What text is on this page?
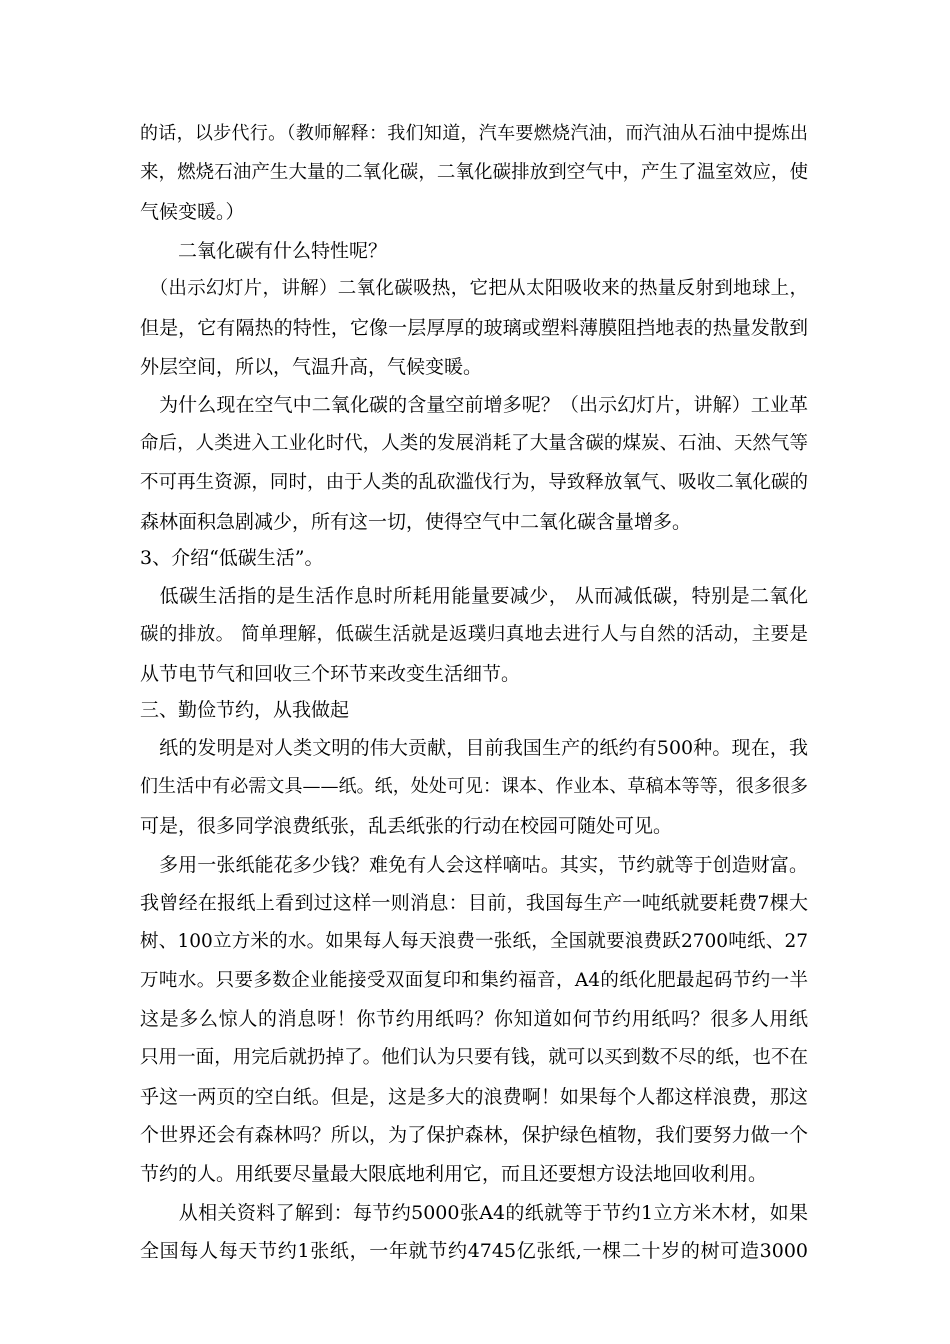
的话，以步代行。（教师解释：我们知道，汽车要燃烧汽油，而汽油从石油中提炼出
来，燃烧石油产生大量的二氧化碳，二氧化碳排放到空气中，产生了温室效应，使
气候变暖。）
　　二氧化碳有什么特性呢？
　（出示幻灯片，讲解）二氧化碳吸热，它把从太阳吸收来的热量反射到地球上，
但是，它有隔热的特性，它像一层厚厚的玻璃或塑料薄膜阻挡地表的热量发散到
外层空间，所以，气温升高，气候变暖。
　为什么现在空气中二氧化碳的含量空前增多呢？（出示幻灯片，讲解）工业革
命后，人类进入工业化时代，人类的发展消耗了大量含碳的煤炭、石油、天然气等
不可再生资源，同时，由于人类的乱砍滥伐行为，导致释放氧气、吸收二氧化碳的
森林面积急剧减少，所有这一切，使得空气中二氧化碳含量增多。
3、介绍“低碳生活”。
　低碳生活指的是生活作息时所耗用能量要减少， 从而减低碳，特别是二氧化
碳的排放。 简单理解，低碳生活就是返璞归真地去进行人与自然的活动，主要是
从节电节气和回收三个环节来改变生活细节。
三、勤俭节约，从我做起
　纸的发明是对人类文明的伟大贡献，目前我国生产的纸约有500种。现在，我
们生活中有必需文具——纸。纸，处处可见：课本、作业本、草稿本等等，很多很多
可是，很多同学浪费纸张，乱丢纸张的行动在校园可随处可见。
　多用一张纸能花多少钱？难免有人会这样嘀咕。其实，节约就等于创造财富。
我曾经在报纸上看到过这样一则消息：目前，我国每生产一吨纸就要耗费7棵大
树、100立方米的水。如果每人每天浪费一张纸，全国就要浪费跃2700吨纸、27
万吨水。只要多数企业能接受双面复印和集约福音，A4的纸化肥最起码节约一半
这是多么惊人的消息呀！你节约用纸吗？你知道如何节约用纸吗？很多人用纸
只用一面，用完后就扔掉了。他们认为只要有钱，就可以买到数不尽的纸，也不在
乎这一两页的空白纸。但是，这是多大的浪费啊！如果每个人都这样浪费，那这
个世界还会有森林吗？所以，为了保护森林，保护绿色植物，我们要努力做一个
节约的人。用纸要尽量最大限底地利用它，而且还要想方设法地回收利用。
　　从相关资料了解到：每节约5000张A4的纸就等于节约1立方米木材，如果
全国每人每天节约1张纸，一年就节约4745亿张纸,一棵二十岁的树可造3000
